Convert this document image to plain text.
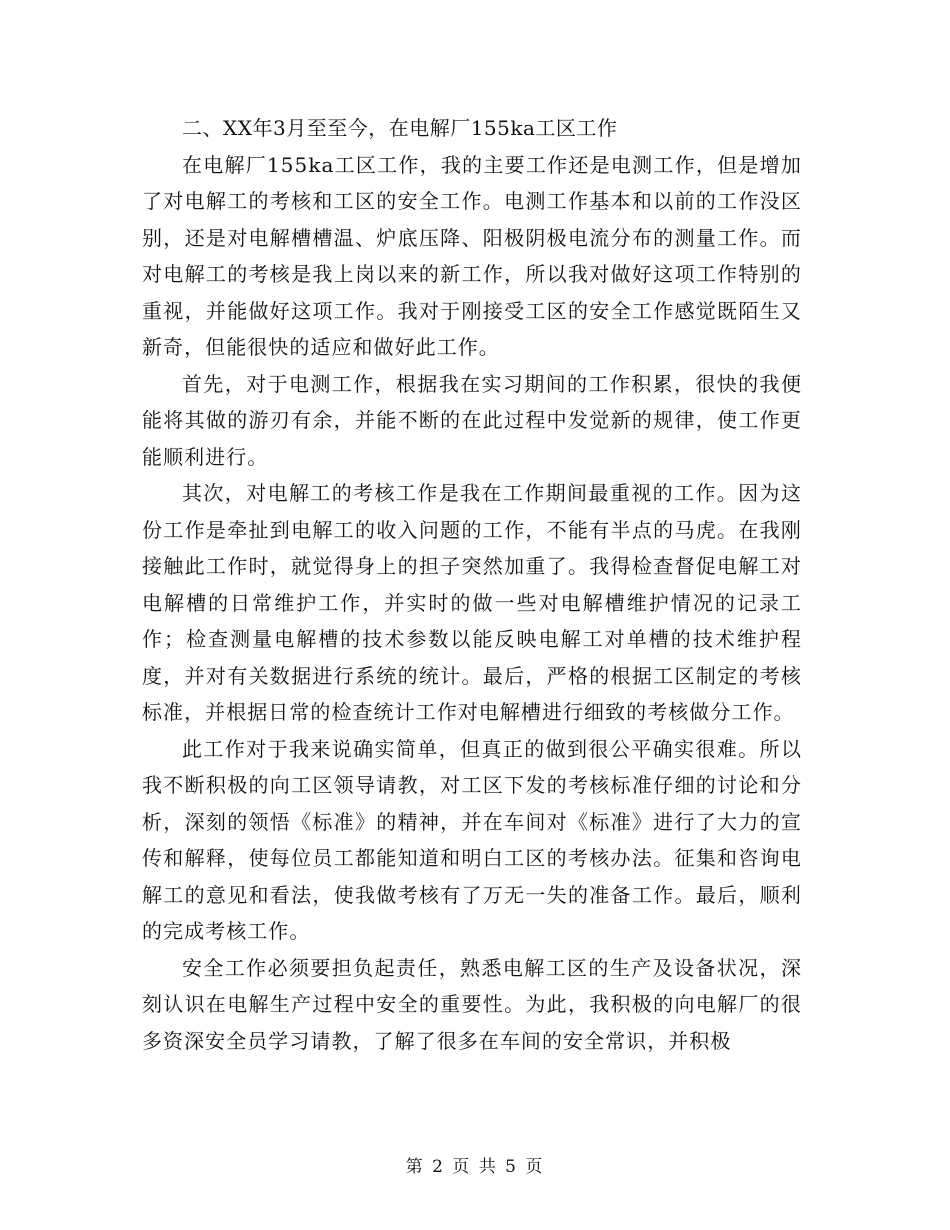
二、XX年3月至至今，在电解厂155ka工区工作

在电解厂155ka工区工作，我的主要工作还是电测工作，但是增加了对电解工的考核和工区的安全工作。电测工作基本和以前的工作没区别，还是对电解槽槽温、炉底压降、阳极阴极电流分布的测量工作。而对电解工的考核是我上岗以来的新工作，所以我对做好这项工作特别的重视，并能做好这项工作。我对于刚接受工区的安全工作感觉既陌生又新奇，但能很快的适应和做好此工作。

首先，对于电测工作，根据我在实习期间的工作积累，很快的我便能将其做的游刃有余，并能不断的在此过程中发觉新的规律，使工作更能顺利进行。

其次，对电解工的考核工作是我在工作期间最重视的工作。因为这份工作是牵扯到电解工的收入问题的工作，不能有半点的马虎。在我刚接触此工作时，就觉得身上的担子突然加重了。我得检查督促电解工对电解槽的日常维护工作，并实时的做一些对电解槽维护情况的记录工作；检查测量电解槽的技术参数以能反映电解工对单槽的技术维护程度，并对有关数据进行系统的统计。最后，严格的根据工区制定的考核标准，并根据日常的检查统计工作对电解槽进行细致的考核做分工作。

此工作对于我来说确实简单，但真正的做到很公平确实很难。所以我不断积极的向工区领导请教，对工区下发的考核标准仔细的讨论和分析，深刻的领悟《标准》的精神，并在车间对《标准》进行了大力的宣传和解释，使每位员工都能知道和明白工区的考核办法。征集和咨询电解工的意见和看法，使我做考核有了万无一失的准备工作。最后，顺利的完成考核工作。

安全工作必须要担负起责任，熟悉电解工区的生产及设备状况，深刻认识在电解生产过程中安全的重要性。为此，我积极的向电解厂的很多资深安全员学习请教，了解了很多在车间的安全常识，并积极

第 2 页 共 5 页
